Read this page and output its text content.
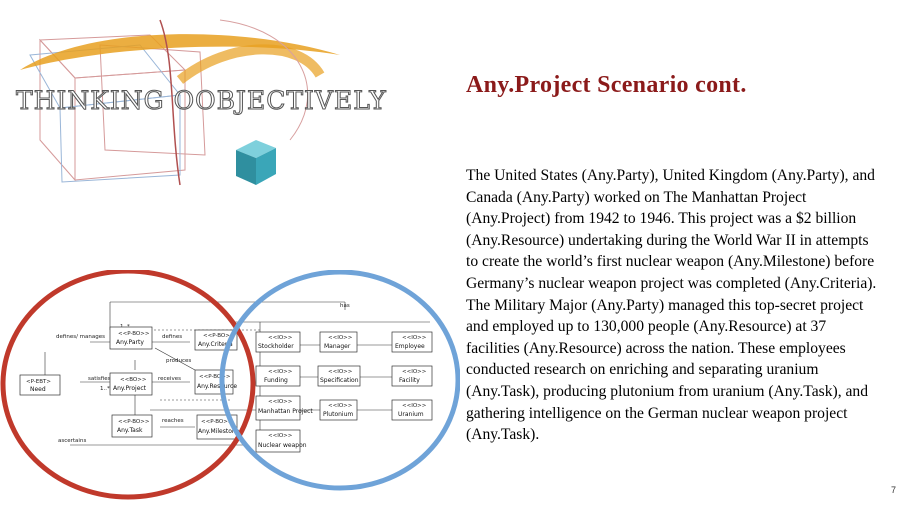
THINKING OOBJECTIVELY
Any.Project Scenario cont.
The United States (Any.Party), United Kingdom (Any.Party), and Canada (Any.Party) worked on The Manhattan Project (Any.Project) from 1942 to 1946. This project was a $2 billion (Any.Resource) undertaking during the World War II in attempts to create the world’s first nuclear weapon (Any.Milestone) before Germany’s nuclear weapon project was completed (Any.Criteria). The Military Major (Any.Party) managed this top-secret project and employed up to 130,000 people (Any.Resource) at 37 facilities (Any.Resource) across the nation. These employees conducted research on enriching and separating uranium (Any.Task), producing plutonium from uranium (Any.Task), and gathering intelligence on the German nuclear weapon project (Any.Task).
7
defines/ manages	defines
satisfies	receives
produces
reaches
ascertains
1..*
has
<P-EBT>
Need
<<P-BO>>
Any.Party
<<BO>>
Any.Project
<<P-BO>>
Any.Task
<<P-BO>>
Any.Criteria
<<P-BO>>
Any.Resource
<<P-BO>>
Any.Milestone
<<IO>>
Stockholder
<<IO>>
Manager
<<IO>>
Employee
<<IO>>
Funding
<<IO>>
Specification
<<IO>>
Facility
<<IO>>
Manhattan Project
<<IO>>
Plutonium
<<IO>>
Uranium
<<IO>>
Nuclear weapon
